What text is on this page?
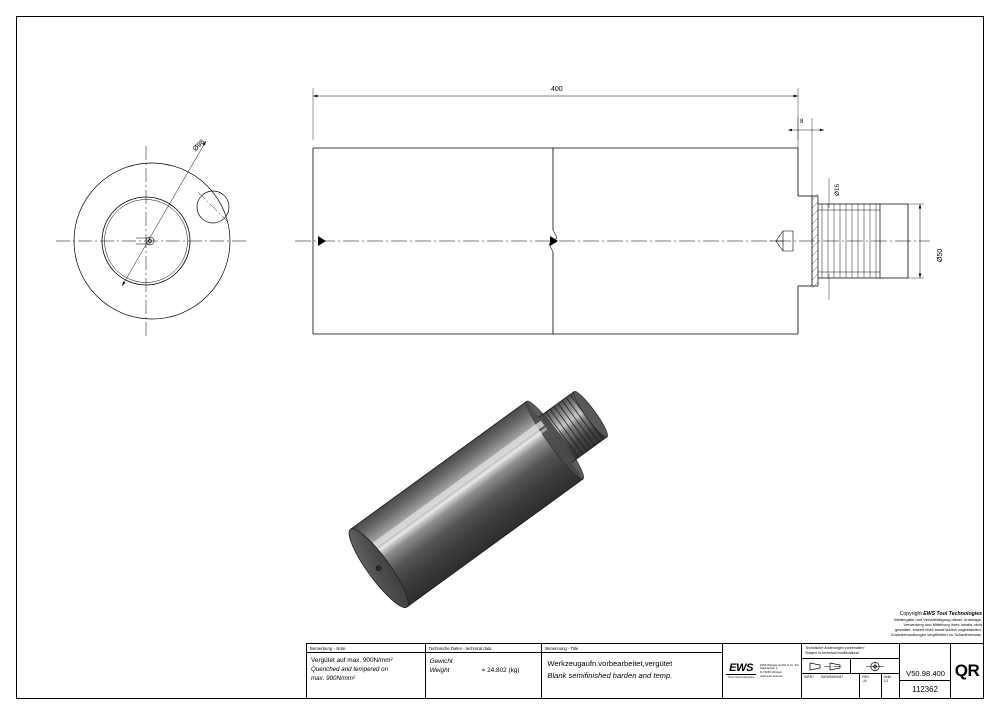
400
8
Ø16
Ø50
Ø98
Copyright EWS Tool Technologies
Weitergabe und Vervielfältigung dieser Unterlage,
Verwertung und Mitteilung ihres Inhalts nicht
gestattet, soweit nicht ausdrücklich zugestanden.
Zuwiderhandlungen verpflichten zu Schadenersatz.
Bemerkung - Note
Vergütet auf max. 900N/mm²
Quenched and tempered on
max. 900N/mm²
Technische Daten - technical data
Gewicht
Weight	= 24.802 (kg)
Benennung - Title
Werkzeugaufn.vorbearbeitet,vergütet
Blank semifinished harden and temp.
EWS
Tool Technologies
EWS Weigele GmbH & Co. KG
Maybachstr. 1
D-73066 Uhingen
www.ews-tools.de
Technische Änderungen vorbehalten!
Subject to technical modifications!
IDENT IDEW5150N47	REV.
-/A
Seite
1/1
112362
V50.98.400 QR
